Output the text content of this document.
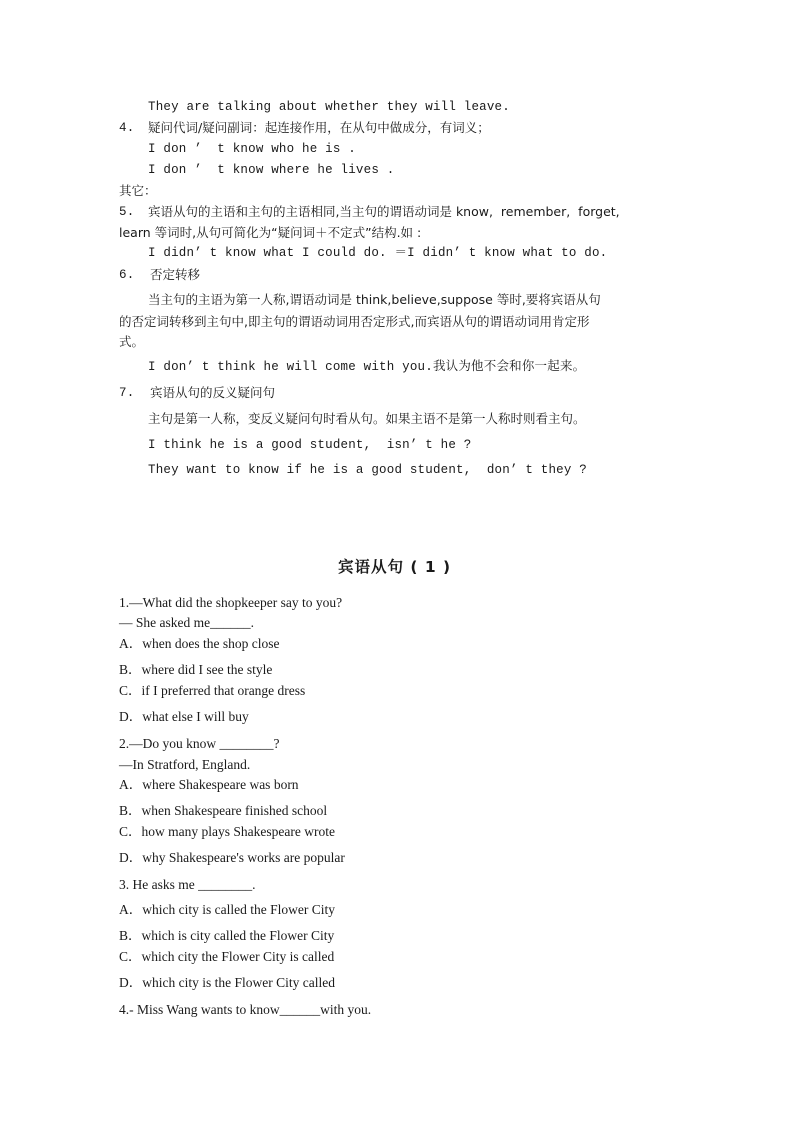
They are talking about whether they will leave.
4. 疑问代词/疑问副词：起连接作用，在从句中做成分，有词义；
I don ’  t know who he is .
I don ’  t know where he lives .
其它：
5. 宾语从句的主语和主句的主语相同,当主句的谓语动词是 know,  remember,  forget,
learn 等词时,从句可简化为“疑问词＋不定式”结构.如 :
I didn’ t know what I could do. ＝I didn’ t know what to do.
6. 否定转移
当主句的主语为第一人称,谓语动词是 think,believe,suppose 等时,要将宾语从句
的否定词转移到主句中,即主句的谓语动词用否定形式,而宾语从句的谓语动词用肯定形
式。
I don’ t think he will come with you.我认为他不会和你一起来。
7. 宾语从句的反义疑问句
主句是第一人称，变反义疑问句时看从句。如果主语不是第一人称时则看主句。
I think he is a good student,  isn’ t he ?
They want to know if he is a good student,  don’ t they ?
宾语从句 ( 1 )
1.—What did the shopkeeper say to you?
— She asked me______.
A．when does the shop close
B．where did I see the style
C．if I preferred that orange dress
D．what else I will buy
2.—Do you know ________?
—In Stratford, England.
A．where Shakespeare was born
B．when Shakespeare finished school
C．how many plays Shakespeare wrote
D．why Shakespeare's works are popular
3. He asks me ________.
A．which city is called the Flower City
B．which is city called the Flower City
C．which city the Flower City is called
D．which city is the Flower City called
4.- Miss Wang wants to know______with you.
